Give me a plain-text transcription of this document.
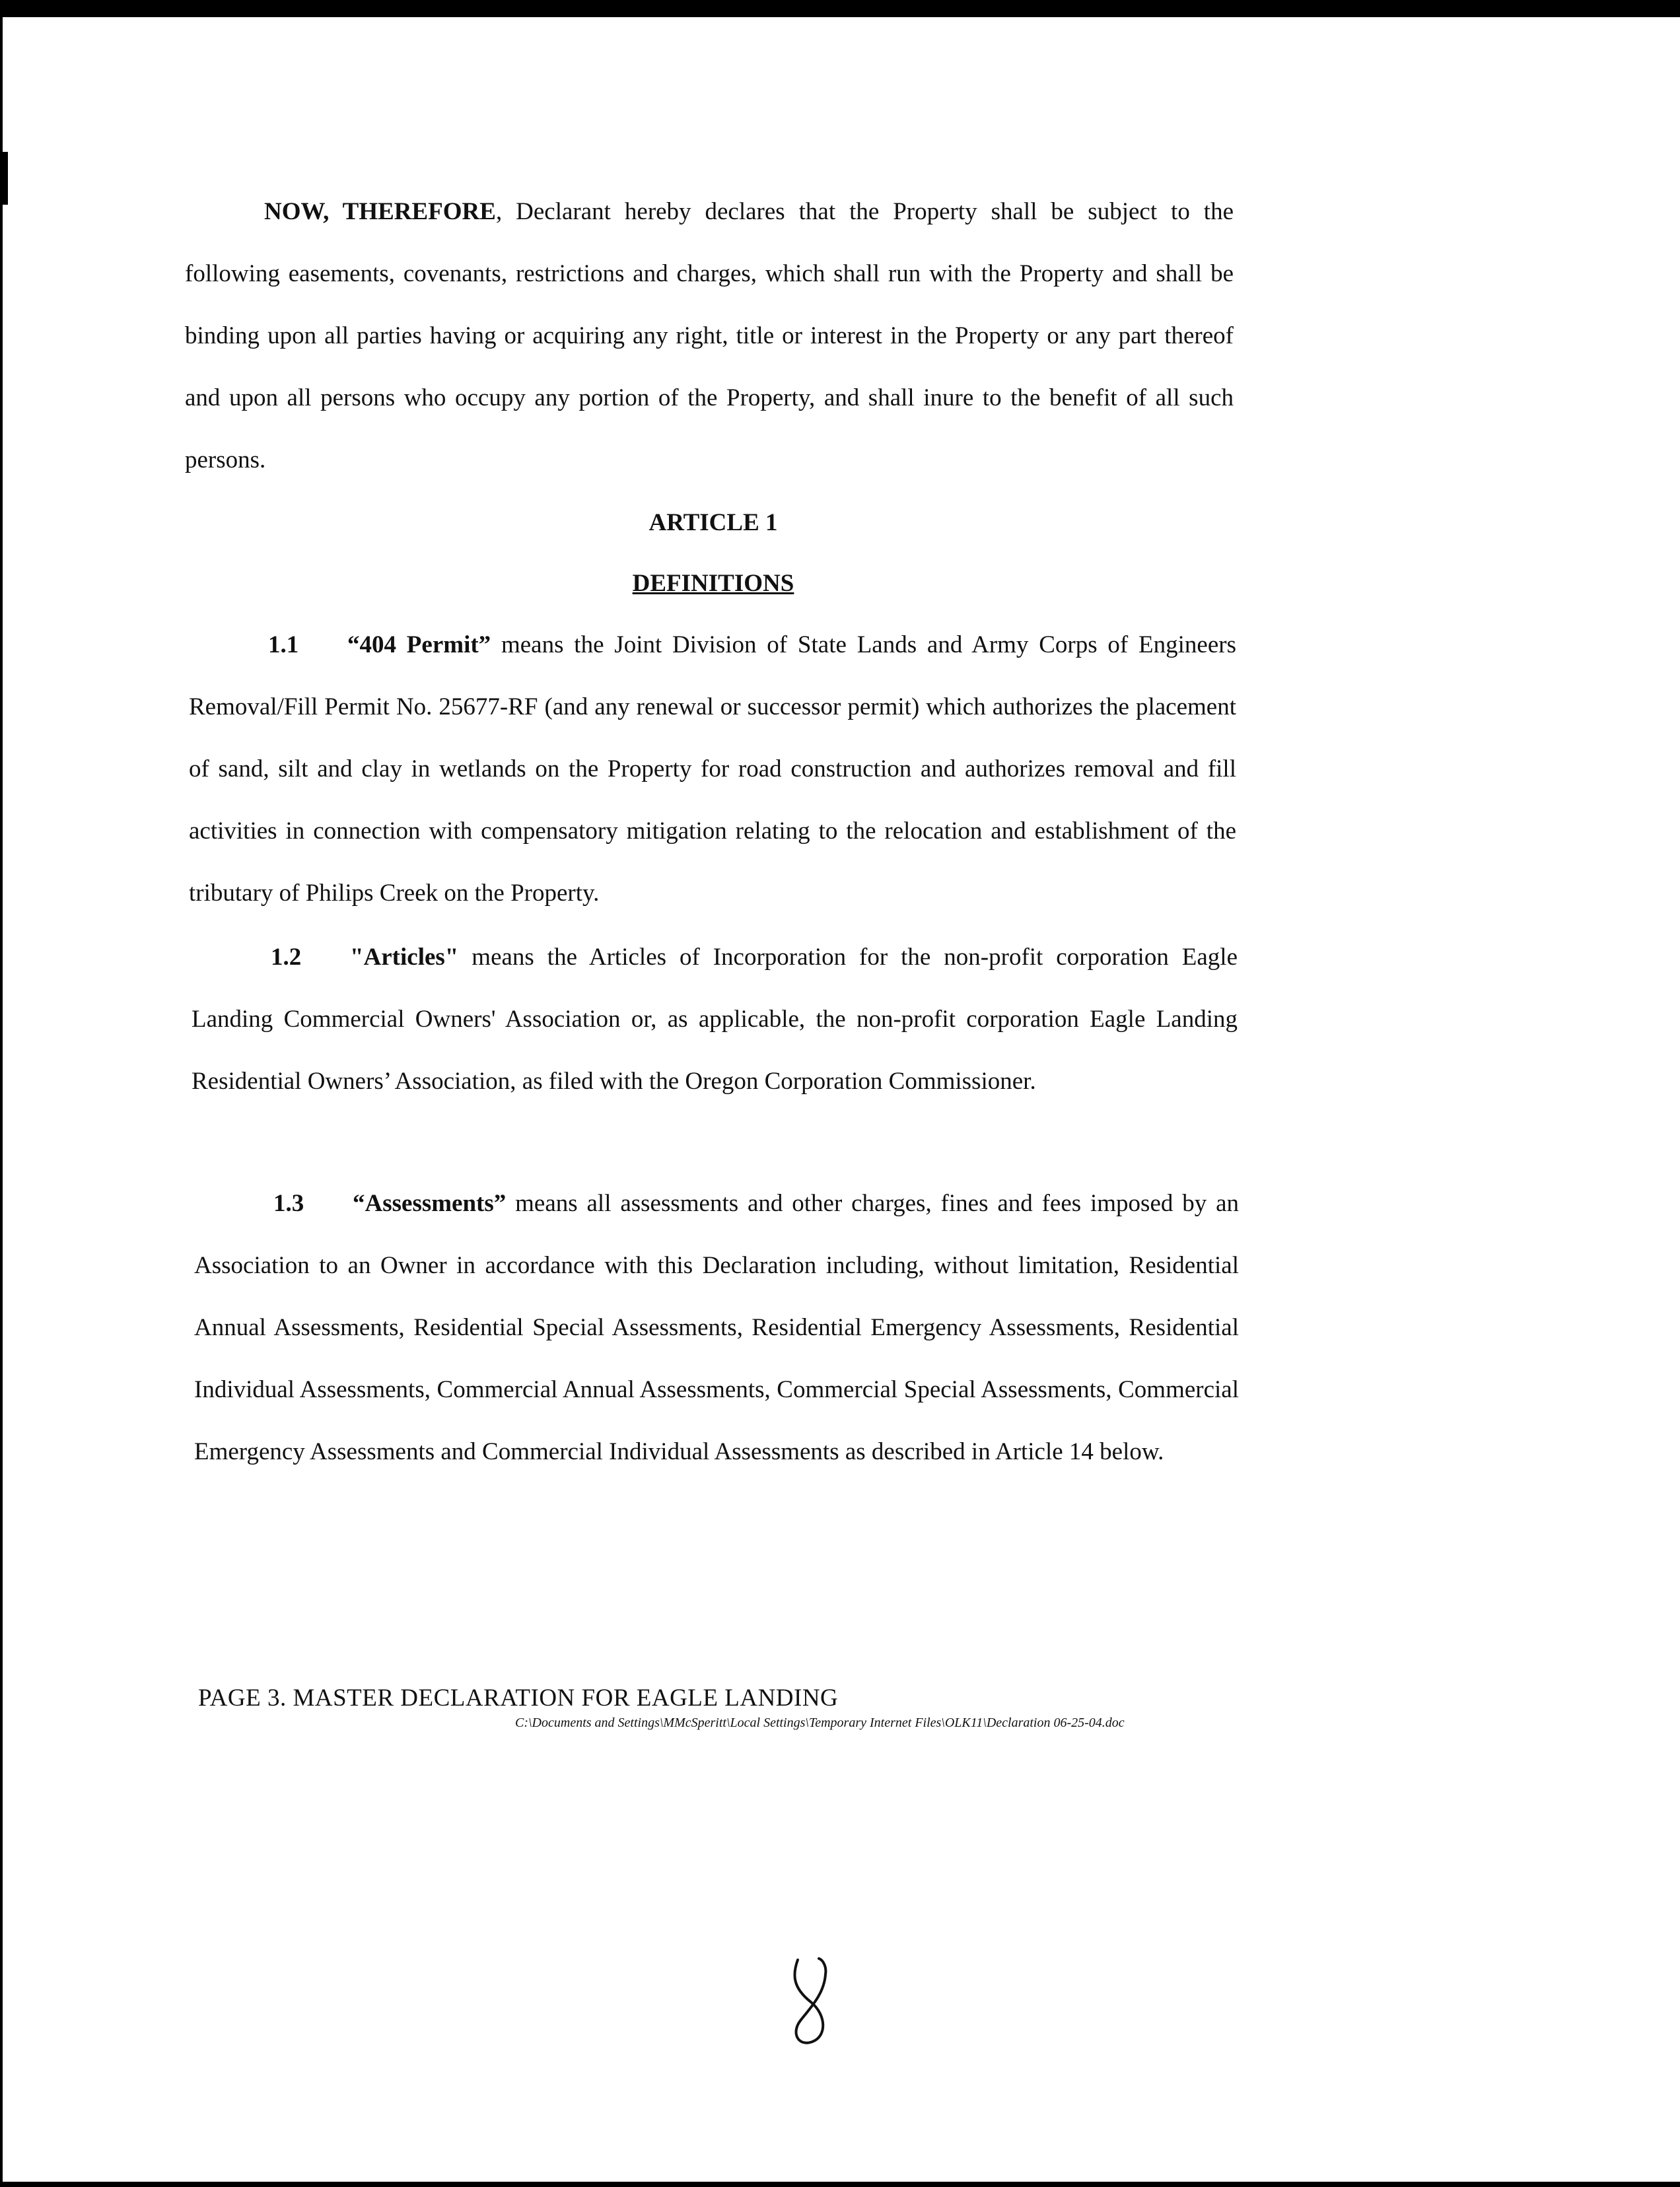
NOW, THEREFORE, Declarant hereby declares that the Property shall be subject to the following easements, covenants, restrictions and charges, which shall run with the Property and shall be binding upon all parties having or acquiring any right, title or interest in the Property or any part thereof and upon all persons who occupy any portion of the Property, and shall inure to the benefit of all such persons.

ARTICLE 1
DEFINITIONS

1.1 “404 Permit” means the Joint Division of State Lands and Army Corps of Engineers Removal/Fill Permit No. 25677-RF (and any renewal or successor permit) which authorizes the placement of sand, silt and clay in wetlands on the Property for road construction and authorizes removal and fill activities in connection with compensatory mitigation relating to the relocation and establishment of the tributary of Philips Creek on the Property.

1.2 "Articles" means the Articles of Incorporation for the non-profit corporation Eagle Landing Commercial Owners' Association or, as applicable, the non-profit corporation Eagle Landing Residential Owners’ Association, as filed with the Oregon Corporation Commissioner.

1.3 “Assessments” means all assessments and other charges, fines and fees imposed by an Association to an Owner in accordance with this Declaration including, without limitation, Residential Annual Assessments, Residential Special Assessments, Residential Emergency Assessments, Residential Individual Assessments, Commercial Annual Assessments, Commercial Special Assessments, Commercial Emergency Assessments and Commercial Individual Assessments as described in Article 14 below.

PAGE 3. MASTER DECLARATION FOR EAGLE LANDING
C:\Documents and Settings\MMcSperitt\Local Settings\Temporary Internet Files\OLK11\Declaration 06-25-04.doc
